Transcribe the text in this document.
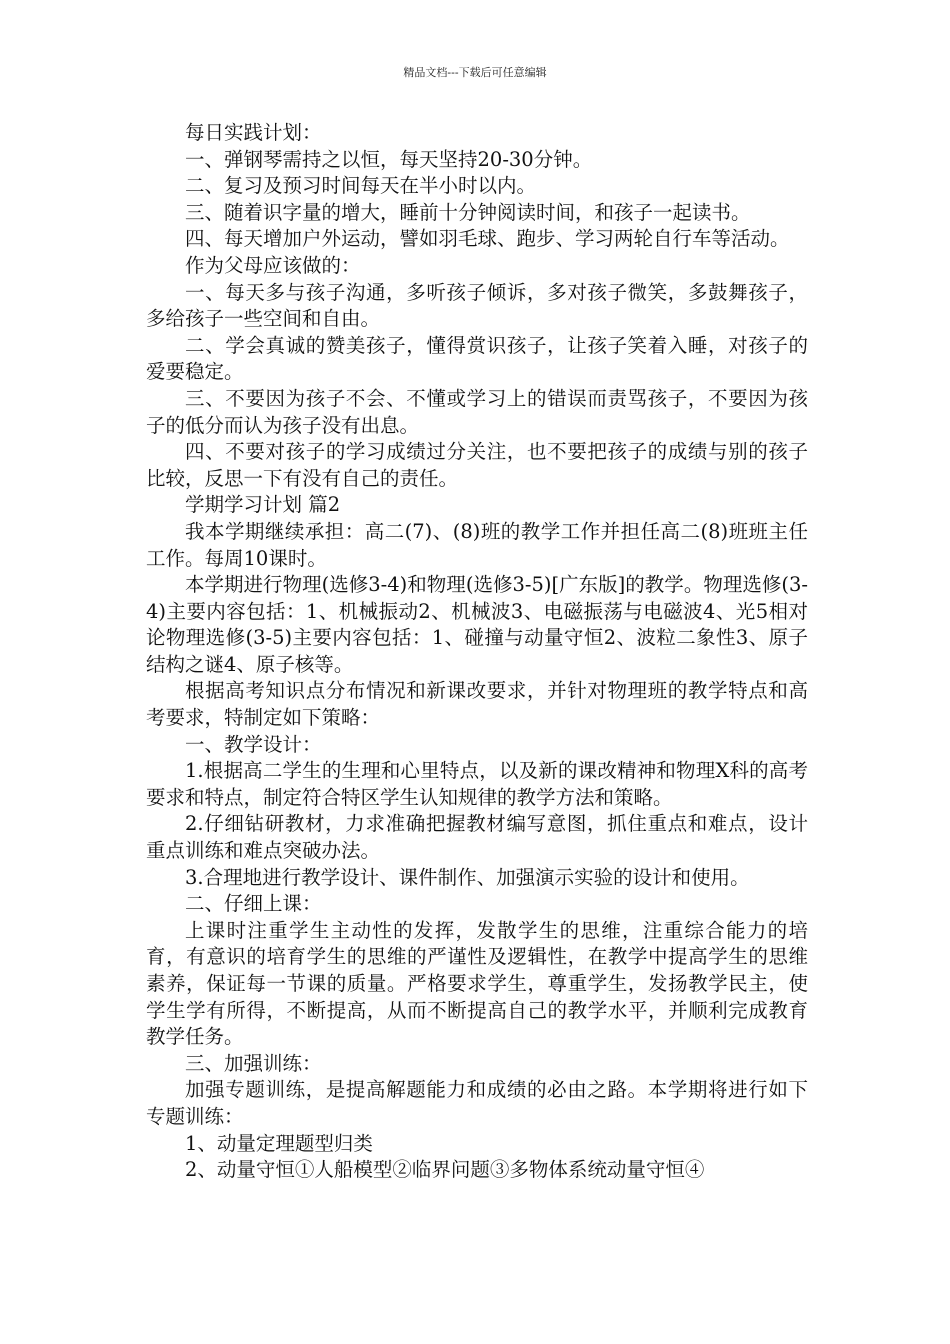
精品文档---下载后可任意编辑

每日实践计划：

一、弹钢琴需持之以恒，每天坚持20-30分钟。

二、复习及预习时间每天在半小时以内。

三、随着识字量的增大，睡前十分钟阅读时间，和孩子一起读书。

四、每天增加户外运动，譬如羽毛球、跑步、学习两轮自行车等活动。

作为父母应该做的：

一、每天多与孩子沟通，多听孩子倾诉，多对孩子微笑，多鼓舞孩子，多给孩子一些空间和自由。

二、学会真诚的赞美孩子，懂得赏识孩子，让孩子笑着入睡，对孩子的爱要稳定。

三、不要因为孩子不会、不懂或学习上的错误而责骂孩子，不要因为孩子的低分而认为孩子没有出息。

四、不要对孩子的学习成绩过分关注，也不要把孩子的成绩与别的孩子比较，反思一下有没有自己的责任。

学期学习计划 篇2

我本学期继续承担：高二(7)、(8)班的教学工作并担任高二(8)班班主任工作。每周10课时。

本学期进行物理(选修3-4)和物理(选修3-5)[广东版]的教学。物理选修(3-4)主要内容包括：1、机械振动2、机械波3、电磁振荡与电磁波4、光5相对论物理选修(3-5)主要内容包括：1、碰撞与动量守恒2、波粒二象性3、原子结构之谜4、原子核等。

根据高考知识点分布情况和新课改要求，并针对物理班的教学特点和高考要求，特制定如下策略：

一、教学设计：

1.根据高二学生的生理和心里特点，以及新的课改精神和物理X科的高考要求和特点，制定符合特区学生认知规律的教学方法和策略。

2.仔细钻研教材，力求准确把握教材编写意图，抓住重点和难点，设计重点训练和难点突破办法。

3.合理地进行教学设计、课件制作、加强演示实验的设计和使用。

二、仔细上课：

上课时注重学生主动性的发挥，发散学生的思维，注重综合能力的培育，有意识的培育学生的思维的严谨性及逻辑性，在教学中提高学生的思维素养，保证每一节课的质量。严格要求学生，尊重学生，发扬教学民主，使学生学有所得，不断提高，从而不断提高自己的教学水平，并顺利完成教育教学任务。

三、加强训练：

加强专题训练，是提高解题能力和成绩的必由之路。本学期将进行如下专题训练：

1、动量定理题型归类

2、动量守恒①人船模型②临界问题③多物体系统动量守恒④
